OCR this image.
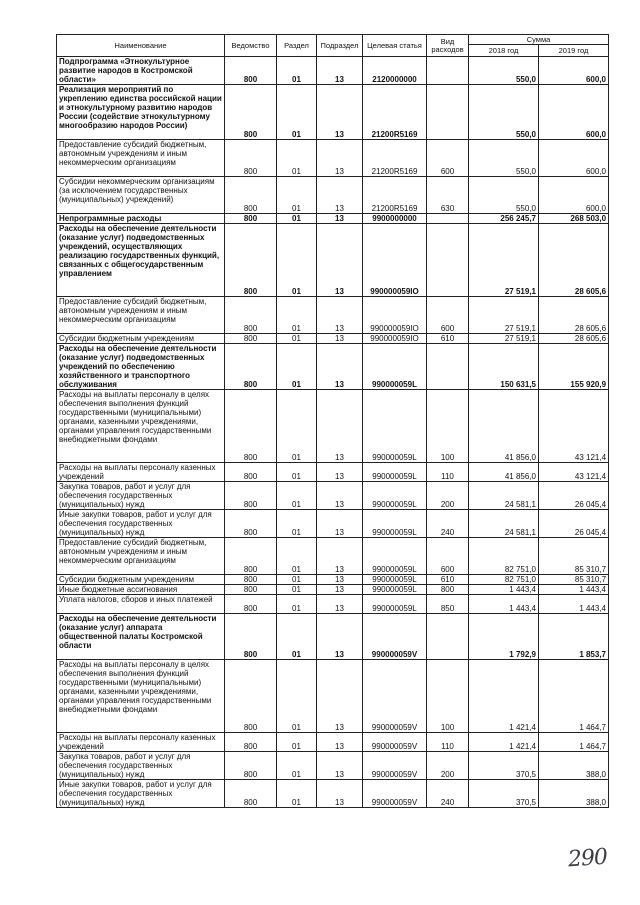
Наименование	Ведомство	Раздел	Подраздел	Целевая статья	Вид расходов	Сумма	
						2018 год	2019 год
Подпрограмма «Этнокультурное развитие народов в Костромской области»	800	01	13	2120000000		550,0	600,0
Реализация мероприятий по укреплению единства российской нации и этнокультурному развитию народов России (содействие этнокультурному многообразию народов России)	800	01	13	21200R5169		550,0	600,0
Предоставление субсидий бюджетным, автономным учреждениям и иным некоммерческим организациям	800	01	13	21200R5169	600	550,0	600,0
Субсидии некоммерческим организациям (за исключением государственных (муниципальных) учреждений)	800	01	13	21200R5169	630	550,0	600,0
Непрограммные расходы	800	01	13	9900000000		256 245,7	268 503,0
Расходы на обеспечение деятельности (оказание услуг) подведомственных учреждений, осуществляющих реализацию государственных функций, связанных с общегосударственным управлением	800	01	13	990000059IO		27 519,1	28 605,6
Предоставление субсидий бюджетным, автономным учреждениям и иным некоммерческим организациям	800	01	13	990000059IO	600	27 519,1	28 605,6
Субсидии бюджетным учреждениям	800	01	13	990000059IO	610	27 519,1	28 605,6
Расходы на обеспечение деятельности (оказание услуг) подведомственных учреждений по обеспечению хозяйственного и транспортного обслуживания	800	01	13	990000059L		150 631,5	155 920,9
Расходы на выплаты персоналу в целях обеспечения выполнения функций государственными (муниципальными) органами, казенными учреждениями, органами управления государственными внебюджетными фондами	800	01	13	990000059L	100	41 856,0	43 121,4
Расходы на выплаты персоналу казенных учреждений	800	01	13	990000059L	110	41 856,0	43 121,4
Закупка товаров, работ и услуг для обеспечения государственных (муниципальных) нужд	800	01	13	990000059L	200	24 581,1	26 045,4
Иные закупки товаров, работ и услуг для обеспечения государственных (муниципальных) нужд	800	01	13	990000059L	240	24 581,1	26 045,4
Предоставление субсидий бюджетным, автономным учреждениям и иным некоммерческим организациям	800	01	13	990000059L	600	82 751,0	85 310,7
Субсидии бюджетным учреждениям	800	01	13	990000059L	610	82 751,0	85 310,7
Иные бюджетные ассигнования	800	01	13	990000059L	800	1 443,4	1 443,4
Уплата налогов, сборов и иных платежей	800	01	13	990000059L	850	1 443,4	1 443,4
Расходы на обеспечение деятельности (оказание услуг) аппарата общественной палаты Костромской области	800	01	13	990000059V		1 792,9	1 853,7
Расходы на выплаты персоналу в целях обеспечения выполнения функций государственными (муниципальными) органами, казенными учреждениями, органами управления государственными внебюджетными фондами	800	01	13	990000059V	100	1 421,4	1 464,7
Расходы на выплаты персоналу казенных учреждений	800	01	13	990000059V	110	1 421,4	1 464,7
Закупка товаров, работ и услуг для обеспечения государственных (муниципальных) нужд	800	01	13	990000059V	200	370,5	388,0
Иные закупки товаров, работ и услуг для обеспечения государственных (муниципальных) нужд	800	01	13	990000059V	240	370,5	388,0
290
